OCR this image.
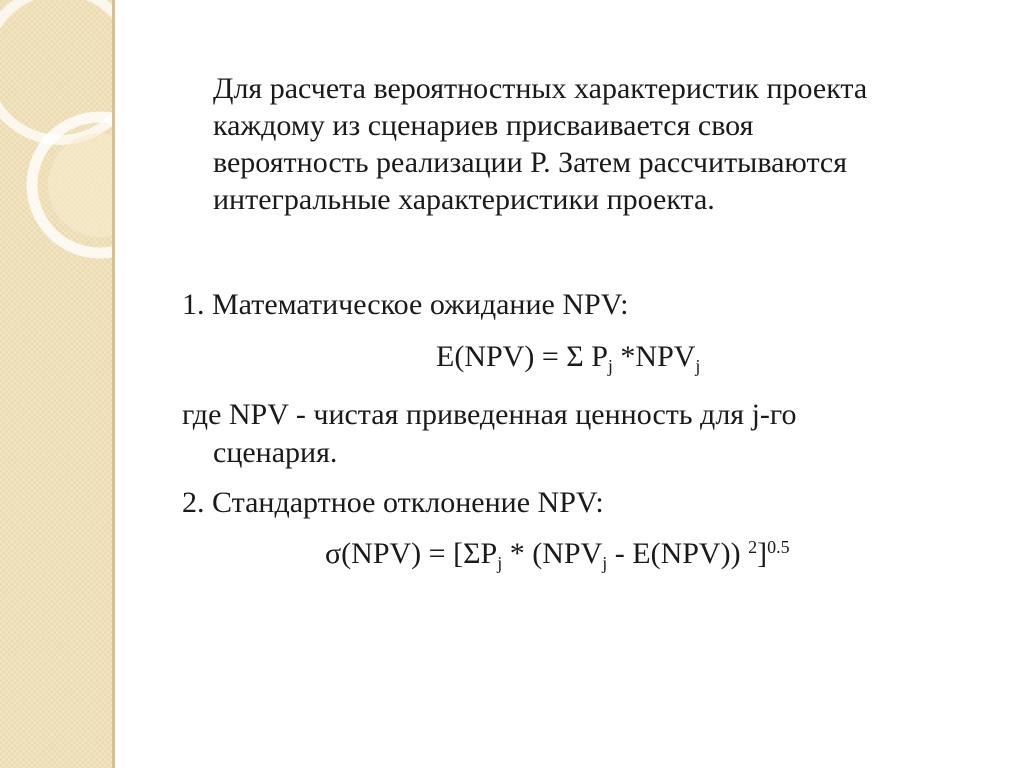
Для расчета вероятностных характеристик проекта
каждому из сценариев присваивается своя
вероятность реализации Р. Затем рассчитываются
интегральные характеристики проекта.
1. Математическое ожидание NPV:
E(NPV) = Σ $P_j$ $*NPV_j$
где NPV - чистая приведенная ценность для j-го
сценария.
2. Стандартное отклонение NPV:
$\sigma(NPV) = [\Sigma P_j * (NPV_j - E(NPV))$ $^2$]$^{0.5}$
